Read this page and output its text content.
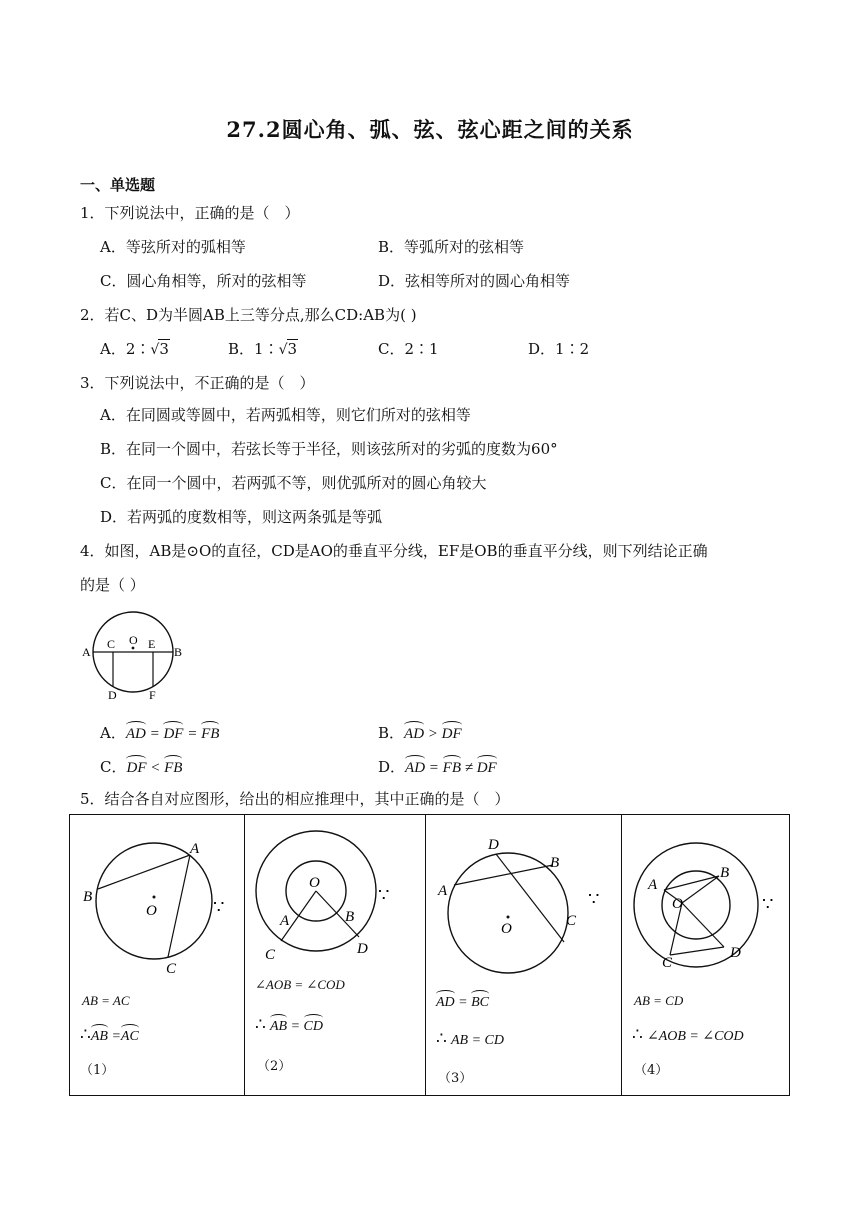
27.2圆心角、弧、弦、弦心距之间的关系
一、单选题
1．下列说法中，正确的是（　）
A．等弦所对的弧相等	B．等弧所对的弦相等
C．圆心角相等，所对的弦相等	D．弦相等所对的圆心角相等
2．若C、D为半圆AB上三等分点,那么CD:AB为( )
A．2∶√3	B．1∶√3	C．2∶1	D．1∶2
3．下列说法中，不正确的是（　）
A．在同圆或等圆中，若两弧相等，则它们所对的弦相等
B．在同一个圆中，若弦长等于半径，则该弦所对的劣弧的度数为60°
C．在同一个圆中，若两弧不等，则优弧所对的圆心角较大
D．若两弧的度数相等，则这两条弧是等弧
4．如图，AB是⊙O的直径，CD是AO的垂直平分线，EF是OB的垂直平分线，则下列结论正确
的是（ ）
A	B
C O E
D	F
A．AD = DF = FB	B．AD > DF
C．DF < FB	D．AD = FB ≠ DF
5．结合各自对应图形，给出的相应推理中，其中正确的是（　）
A
B
O
C
∵
AB = AC
∴AB =AC
（1）
O
A	B
C	D
∵
∠AOB = ∠COD
∴ AB = CD
（2）
D
B
A
O	C
∵
AD = BC
∴ AB = CD
（3）
A
B
O
C
D
∵
AB = CD
∴ ∠AOB = ∠COD
（4）
